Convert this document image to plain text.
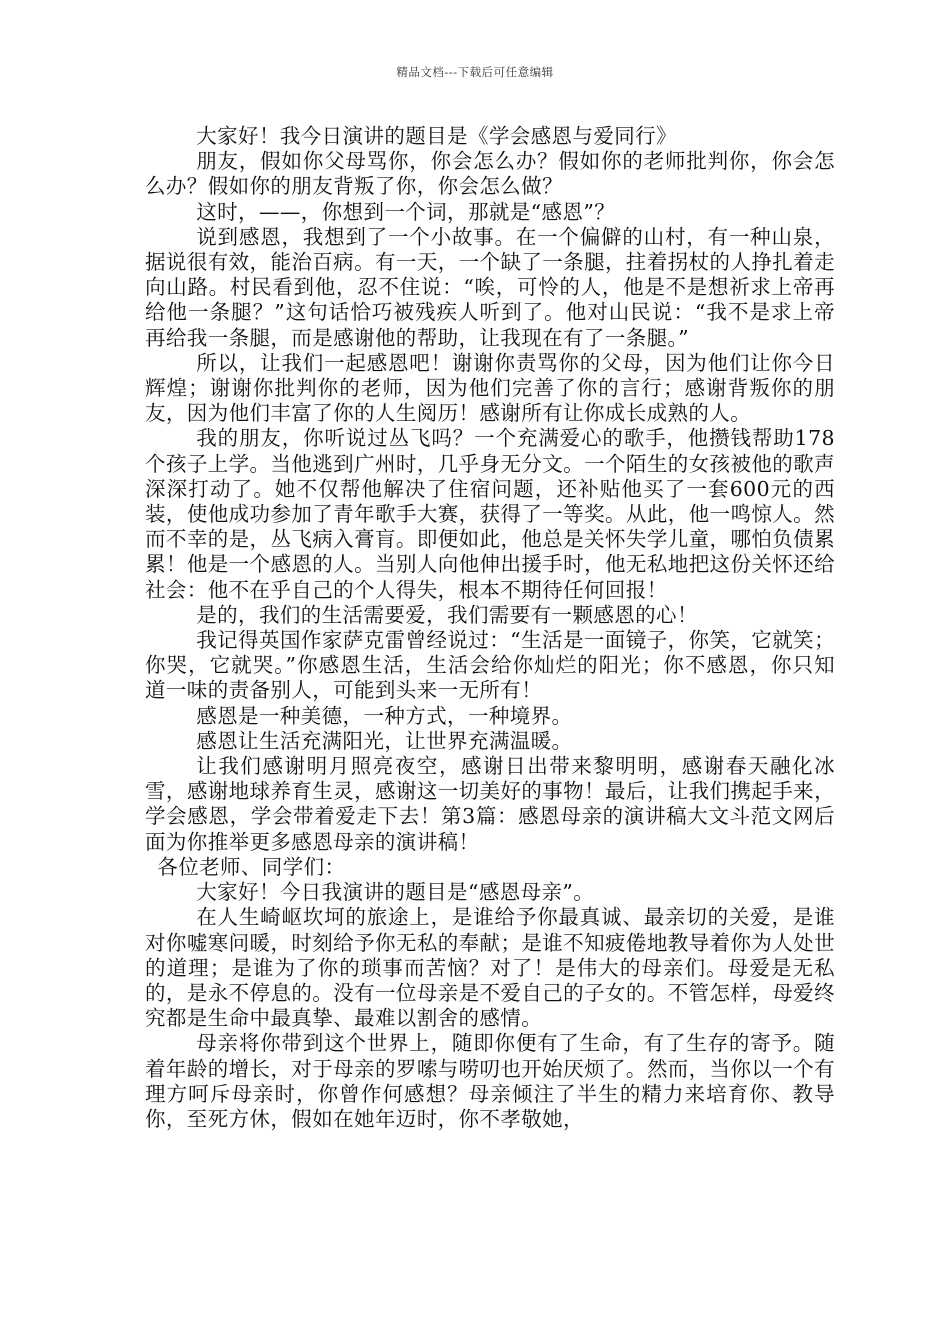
精品文档---下载后可任意编辑

大家好！我今日演讲的题目是《学会感恩与爱同行》

朋友，假如你父母骂你，你会怎么办？假如你的老师批判你，你会怎么办？假如你的朋友背叛了你，你会怎么做？

这时，——，你想到一个词，那就是“感恩”？

说到感恩，我想到了一个小故事。在一个偏僻的山村，有一种山泉，据说很有效，能治百病。有一天，一个缺了一条腿，拄着拐杖的人挣扎着走向山路。村民看到他，忍不住说：“唉，可怜的人，他是不是想祈求上帝再给他一条腿？”这句话恰巧被残疾人听到了。他对山民说：“我不是求上帝再给我一条腿，而是感谢他的帮助，让我现在有了一条腿。”

所以，让我们一起感恩吧！谢谢你责骂你的父母，因为他们让你今日辉煌；谢谢你批判你的老师，因为他们完善了你的言行；感谢背叛你的朋友，因为他们丰富了你的人生阅历！感谢所有让你成长成熟的人。

我的朋友，你听说过丛飞吗？一个充满爱心的歌手，他攒钱帮助178个孩子上学。当他逃到广州时，几乎身无分文。一个陌生的女孩被他的歌声深深打动了。她不仅帮他解决了住宿问题，还补贴他买了一套600元的西装，使他成功参加了青年歌手大赛，获得了一等奖。从此，他一鸣惊人。然而不幸的是，丛飞病入膏肓。即便如此，他总是关怀失学儿童，哪怕负债累累！他是一个感恩的人。当别人向他伸出援手时，他无私地把这份关怀还给社会：他不在乎自己的个人得失，根本不期待任何回报！

是的，我们的生活需要爱，我们需要有一颗感恩的心！

我记得英国作家萨克雷曾经说过：“生活是一面镜子，你笑，它就笑；你哭，它就哭。”你感恩生活，生活会给你灿烂的阳光；你不感恩，你只知道一味的责备别人，可能到头来一无所有！

感恩是一种美德，一种方式，一种境界。

感恩让生活充满阳光，让世界充满温暖。

让我们感谢明月照亮夜空，感谢日出带来黎明明，感谢春天融化冰雪，感谢地球养育生灵，感谢这一切美好的事物！最后，让我们携起手来，学会感恩，学会带着爱走下去！第3篇：感恩母亲的演讲稿大文斗范文网后面为你推举更多感恩母亲的演讲稿！

各位老师、同学们：

大家好！今日我演讲的题目是“感恩母亲”。

在人生崎岖坎坷的旅途上，是谁给予你最真诚、最亲切的关爱，是谁对你嘘寒问暖，时刻给予你无私的奉献；是谁不知疲倦地教导着你为人处世的道理；是谁为了你的琐事而苦恼？对了！是伟大的母亲们。母爱是无私的，是永不停息的。没有一位母亲是不爱自己的子女的。不管怎样，母爱终究都是生命中最真挚、最难以割舍的感情。

母亲将你带到这个世界上，随即你便有了生命，有了生存的寄予。随着年龄的增长，对于母亲的罗嗦与唠叨也开始厌烦了。然而，当你以一个有理方呵斥母亲时，你曾作何感想？母亲倾注了半生的精力来培育你、教导你，至死方休，假如在她年迈时，你不孝敬她，
